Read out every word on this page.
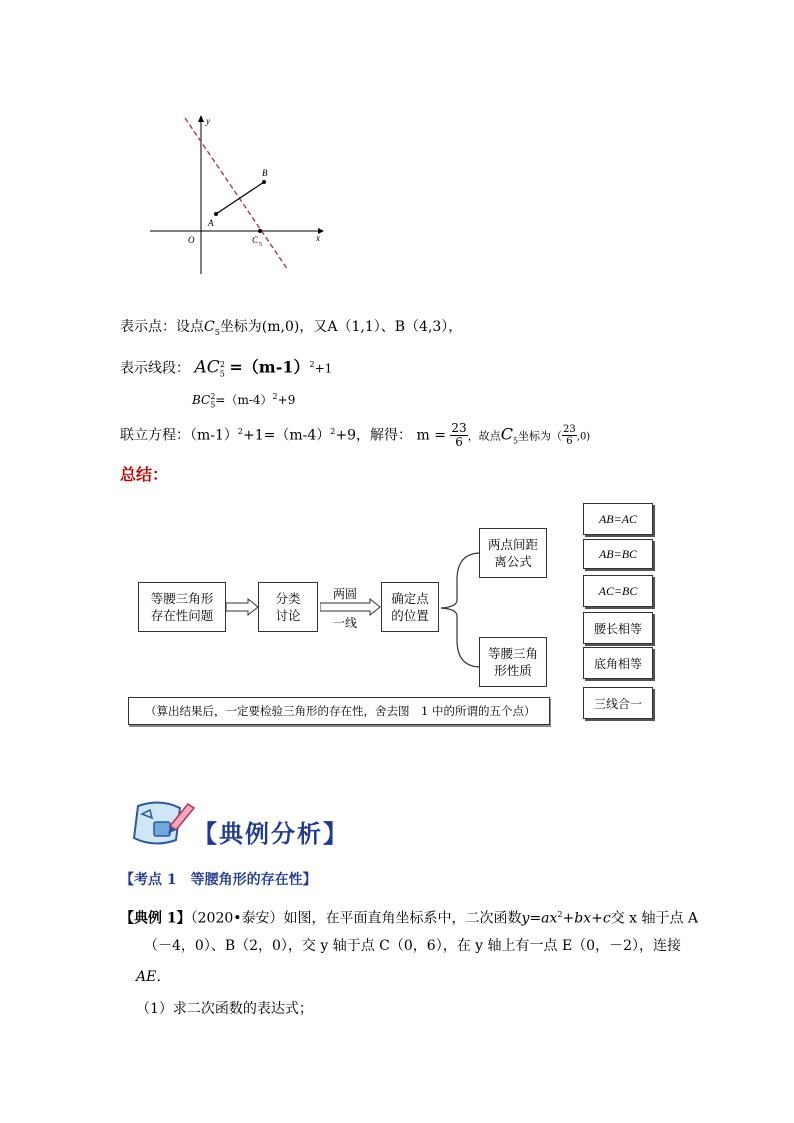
y
x
O
A
B
C 5
表示点：设点$C_5$坐标为(m,0)，又A（1,1）、B（4,3），
表示线段： $AC_5^2 =(m-1)^2+1$
$BC_5^2=(m-4)^2+9$
联立方程：$(m-1)^2+1=(m-4)^2+9$，解得： $m = \frac{23}{6}$ ，故点$C_5$坐标为（ $\frac{23}{6} ,0$)
总结：
等腰三角形
存在性问题
分类
讨论
两圆
一线
确定点
的位置
两点间距
离公式
等腰三角
形性质
（算出结果后，一定要检验三角形的存在性，舍去图　1 中的所谓的五个点）
AB=AC
AB=BC
AC=BC
腰长相等
底角相等
三线合一
【典例分析】
【考点 1　等腰角形的存在性】
【典例 1】（2020•泰安）如图，在平面直角坐标系中，二次函数$y=ax^2+bx+c$交 x 轴于点 A
（－4，0）、B（2，0），交 y 轴于点 C（0，6），在 y 轴上有一点 E（0，－2），连接
AE．
（1）求二次函数的表达式；
